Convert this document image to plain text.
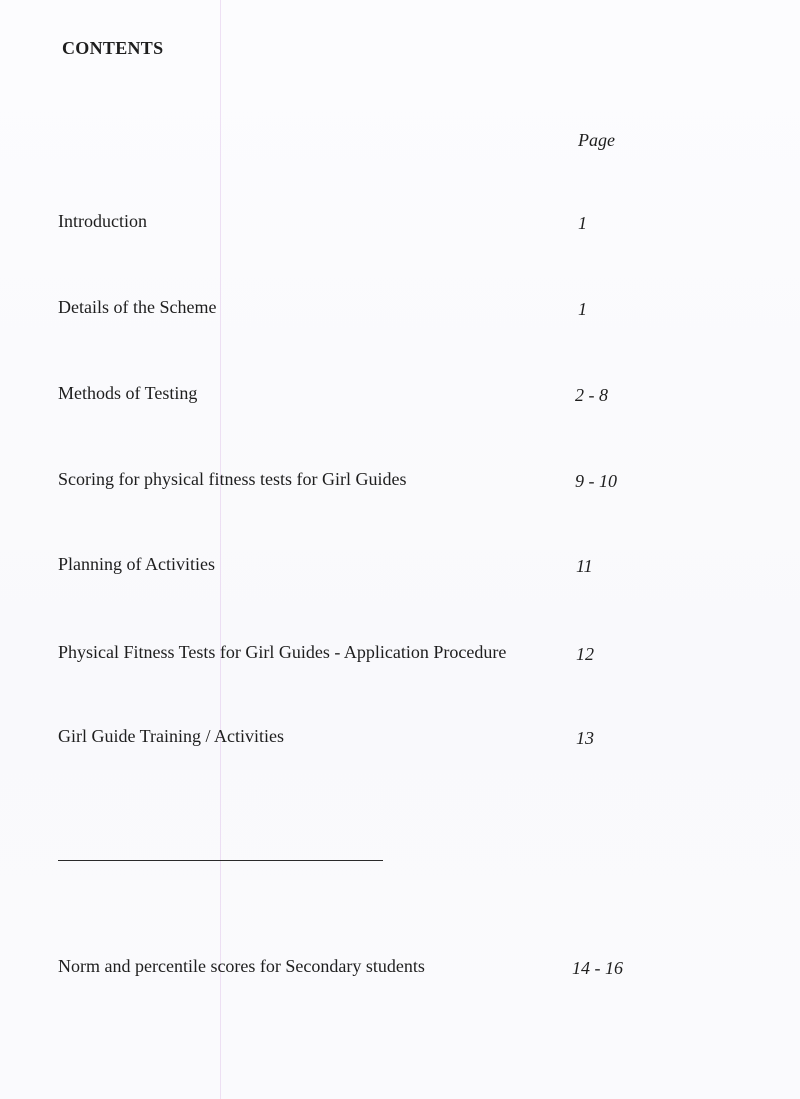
CONTENTS

Page

Introduction	1
Details of the Scheme	1
Methods of Testing	2 - 8
Scoring for physical fitness tests for Girl Guides	9 - 10
Planning of Activities	11
Physical Fitness Tests for Girl Guides - Application Procedure	12
Girl Guide Training / Activities	13
Norm and percentile scores for Secondary students	14 - 16
